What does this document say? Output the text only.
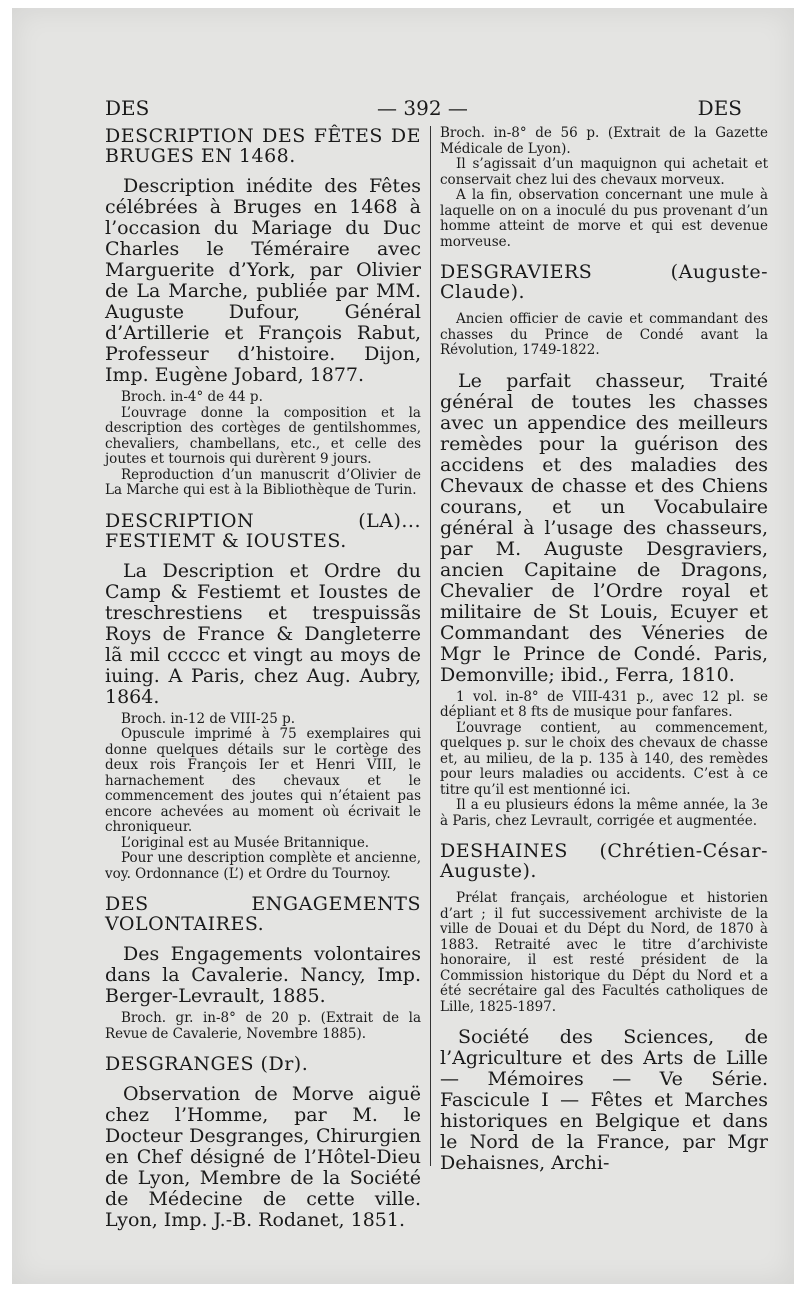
DES	— 392 —	DES
DESCRIPTION DES FÊTES DE BRUGES EN 1468.
Description inédite des Fêtes célébrées à Bruges en 1468 à l’occasion du Mariage du Duc Charles le Téméraire avec Marguerite d’York, par Olivier de La Marche, publiée par MM. Auguste Dufour, Général d’Artillerie et François Rabut, Professeur d’histoire. Dijon, Imp. Eugène Jobard, 1877.

Broch. in-4° de 44 p.

L’ouvrage donne la composition et la description des cortèges de gentilshommes, chevaliers, chambellans, etc., et celle des joutes et tournois qui durèrent 9 jours.

Reproduction d’un manuscrit d’Olivier de La Marche qui est à la Bibliothèque de Turin.

DESCRIPTION (LA)... FESTIEMT & IOUSTES.
La Description et Ordre du Camp & Festiemt et Ioustes de treschrestiens et trespuissãs Roys de France & Dangleterre lã mil ccccc et vingt au moys de iuing. A Paris, chez Aug. Aubry, 1864.

Broch. in-12 de VIII-25 p.

Opuscule imprimé à 75 exemplaires qui donne quelques détails sur le cortège des deux rois François Ier et Henri VIII, le harnachement des chevaux et le commencement des joutes qui n’étaient pas encore achevées au moment où écrivait le chroniqueur.

L’original est au Musée Britannique.

Pour une description complète et ancienne, voy. Ordonnance (L’) et Ordre du Tournoy.

DES ENGAGEMENTS VOLONTAIRES.
Des Engagements volontaires dans la Cavalerie. Nancy, Imp. Berger-Levrault, 1885.

Broch. gr. in-8° de 20 p. (Extrait de la Revue de Cavalerie, Novembre 1885).

DESGRANGES (Dr).
Observation de Morve aiguë chez l’Homme, par M. le Docteur Desgranges, Chirurgien en Chef désigné de l’Hôtel-Dieu de Lyon, Membre de la Société de Médecine de cette ville. Lyon, Imp. J.-B. Rodanet, 1851.

Broch. in-8° de 56 p. (Extrait de la Gazette Médicale de Lyon).

Il s’agissait d’un maquignon qui achetait et conservait chez lui des chevaux morveux.

A la fin, observation concernant une mule à laquelle on on a inoculé du pus provenant d’un homme atteint de morve et qui est devenue morveuse.

DESGRAVIERS (Auguste-Claude).

Ancien officier de cavie et commandant des chasses du Prince de Condé avant la Révolution, 1749-1822.

Le parfait chasseur, Traité général de toutes les chasses avec un appendice des meilleurs remèdes pour la guérison des accidens et des maladies des Chevaux de chasse et des Chiens courans, et un Vocabulaire général à l’usage des chasseurs, par M. Auguste Desgraviers, ancien Capitaine de Dragons, Chevalier de l’Ordre royal et militaire de St Louis, Ecuyer et Commandant des Véneries de Mgr le Prince de Condé. Paris, Demonville; ibid., Ferra, 1810.

1 vol. in-8° de VIII-431 p., avec 12 pl. se dépliant et 8 fts de musique pour fanfares.

L’ouvrage contient, au commencement, quelques p. sur le choix des chevaux de chasse et, au milieu, de la p. 135 à 140, des remèdes pour leurs maladies ou accidents. C’est à ce titre qu’il est mentionné ici.

Il a eu plusieurs édons la même année, la 3e à Paris, chez Levrault, corrigée et augmentée.

DESHAINES (Chrétien-César-Auguste).

Prélat français, archéologue et historien d’art ; il fut successivement archiviste de la ville de Douai et du Dépt du Nord, de 1870 à 1883. Retraité avec le titre d’archiviste honoraire, il est resté président de la Commission historique du Dépt du Nord et a été secrétaire gal des Facultés catholiques de Lille, 1825-1897.

Société des Sciences, de l’Agriculture et des Arts de Lille — Mémoires — Ve Série. Fascicule I — Fêtes et Marches historiques en Belgique et dans le Nord de la France, par Mgr Dehaisnes, Archi-
